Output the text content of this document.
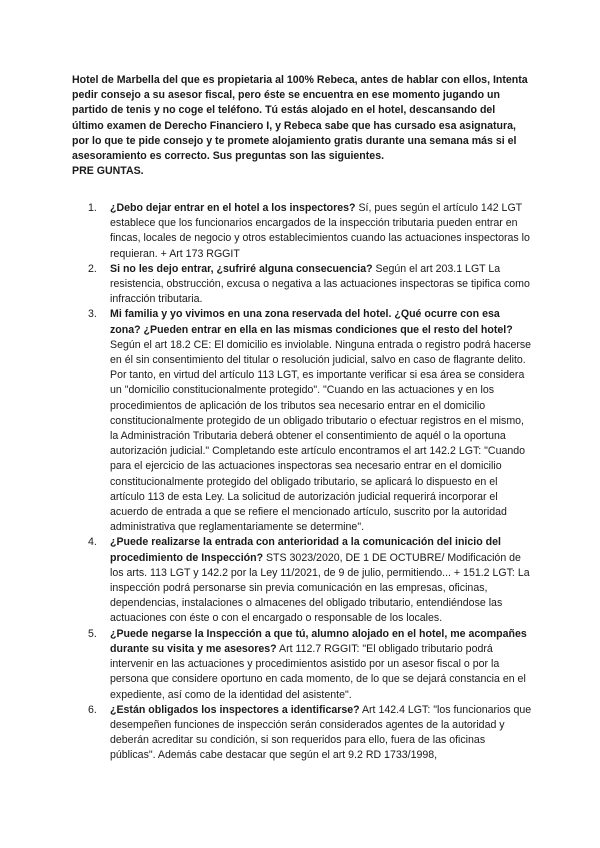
Hotel de Marbella del que es propietaria al 100% Rebeca, antes de hablar con ellos, Intenta pedir consejo a su asesor fiscal, pero éste se encuentra en ese momento jugando un partido de tenis y no coge el teléfono. Tú estás alojado en el hotel, descansando del último examen de Derecho Financiero I, y Rebeca sabe que has cursado esa asignatura, por lo que te pide consejo y te promete alojamiento gratis durante una semana más si el asesoramiento es correcto. Sus preguntas son las siguientes.

PRE GUNTAS.

1. ¿Debo dejar entrar en el hotel a los inspectores? Sí, pues según el artículo 142 LGT establece que los funcionarios encargados de la inspección tributaria pueden entrar en fincas, locales de negocio y otros establecimientos cuando las actuaciones inspectoras lo requieran. + Art 173 RGGIT
2. Si no les dejo entrar, ¿sufriré alguna consecuencia? Según el art 203.1 LGT La resistencia, obstrucción, excusa o negativa a las actuaciones inspectoras se tipifica como infracción tributaria.
3. Mi familia y yo vivimos en una zona reservada del hotel. ¿Qué ocurre con esa zona? ¿Pueden entrar en ella en las mismas condiciones que el resto del hotel? Según el art 18.2 CE: El domicilio es inviolable. Ninguna entrada o registro podrá hacerse en él sin consentimiento del titular o resolución judicial, salvo en caso de flagrante delito. Por tanto, en virtud del artículo 113 LGT, es importante verificar si esa área se considera un "domicilio constitucionalmente protegido". "Cuando en las actuaciones y en los procedimientos de aplicación de los tributos sea necesario entrar en el domicilio constitucionalmente protegido de un obligado tributario o efectuar registros en el mismo, la Administración Tributaria deberá obtener el consentimiento de aquél o la oportuna autorización judicial." Completando este artículo encontramos el art 142.2 LGT: "Cuando para el ejercicio de las actuaciones inspectoras sea necesario entrar en el domicilio constitucionalmente protegido del obligado tributario, se aplicará lo dispuesto en el artículo 113 de esta Ley. La solicitud de autorización judicial requerirá incorporar el acuerdo de entrada a que se refiere el mencionado artículo, suscrito por la autoridad administrativa que reglamentariamente se determine".
4. ¿Puede realizarse la entrada con anterioridad a la comunicación del inicio del procedimiento de Inspección? STS 3023/2020, DE 1 DE OCTUBRE/ Modificación de los arts. 113 LGT y 142.2 por la Ley 11/2021, de 9 de julio, permitiendo... + 151.2 LGT: La inspección podrá personarse sin previa comunicación en las empresas, oficinas, dependencias, instalaciones o almacenes del obligado tributario, entendiéndose las actuaciones con éste o con el encargado o responsable de los locales.
5. ¿Puede negarse la Inspección a que tú, alumno alojado en el hotel, me acompañes durante su visita y me asesores? Art 112.7 RGGIT: "El obligado tributario podrá intervenir en las actuaciones y procedimientos asistido por un asesor fiscal o por la persona que considere oportuno en cada momento, de lo que se dejará constancia en el expediente, así como de la identidad del asistente".
6. ¿Están obligados los inspectores a identificarse? Art 142.4 LGT: "los funcionarios que desempeñen funciones de inspección serán considerados agentes de la autoridad y deberán acreditar su condición, si son requeridos para ello, fuera de las oficinas públicas". Además cabe destacar que según el art 9.2 RD 1733/1998,
